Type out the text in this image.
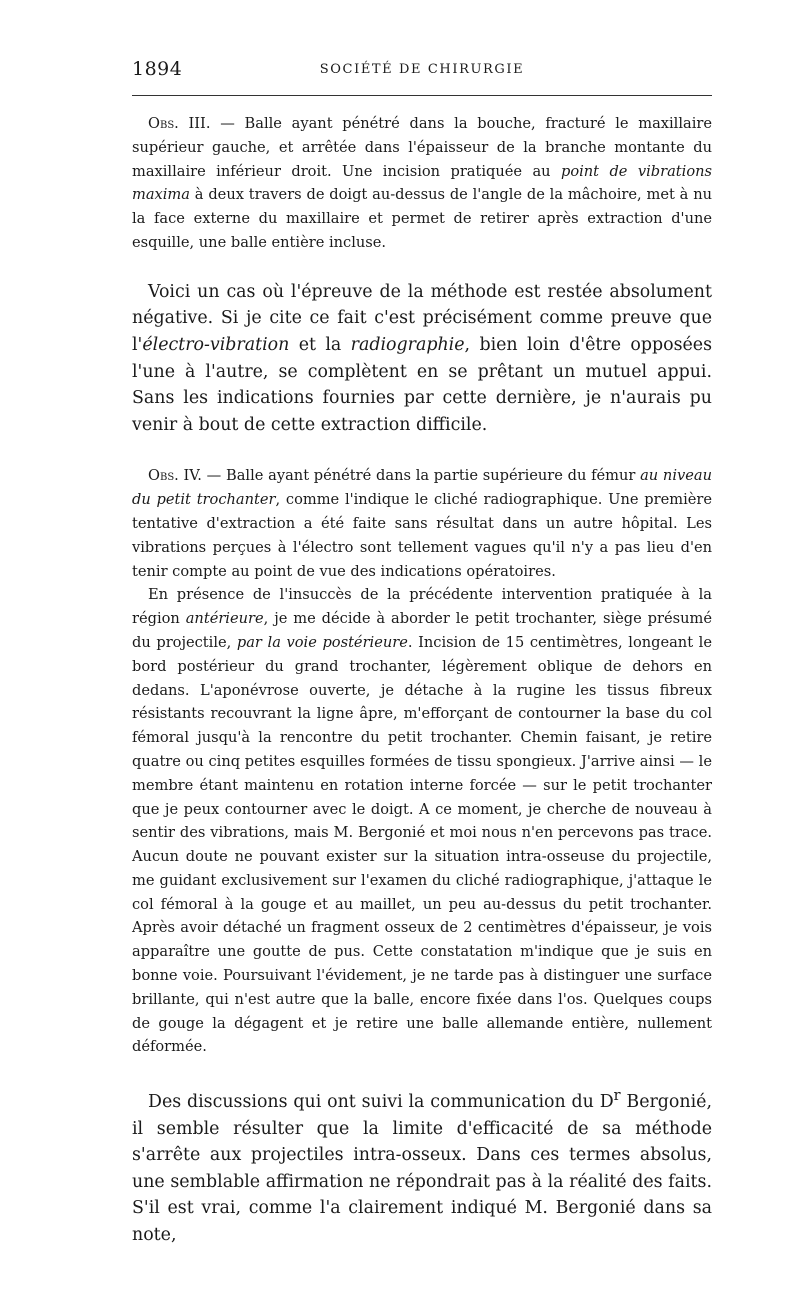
1894	SOCIÉTÉ DE CHIRURGIE

Obs. III. — Balle ayant pénétré dans la bouche, fracturé le maxillaire supérieur gauche, et arrêtée dans l'épaisseur de la branche montante du maxillaire inférieur droit. Une incision pratiquée au point de vibrations maxima à deux travers de doigt au-dessus de l'angle de la mâchoire, met à nu la face externe du maxillaire et permet de retirer après extraction d'une esquille, une balle entière incluse.

Voici un cas où l'épreuve de la méthode est restée absolument négative. Si je cite ce fait c'est précisément comme preuve que l'électro-vibration et la radiographie, bien loin d'être opposées l'une à l'autre, se complètent en se prêtant un mutuel appui. Sans les indications fournies par cette dernière, je n'aurais pu venir à bout de cette extraction difficile.

Obs. IV. — Balle ayant pénétré dans la partie supérieure du fémur au niveau du petit trochanter, comme l'indique le cliché radiographique. Une première tentative d'extraction a été faite sans résultat dans un autre hôpital. Les vibrations perçues à l'électro sont tellement vagues qu'il n'y a pas lieu d'en tenir compte au point de vue des indications opératoires.

En présence de l'insuccès de la précédente intervention pratiquée à la région antérieure, je me décide à aborder le petit trochanter, siège présumé du projectile, par la voie postérieure. Incision de 15 centimètres, longeant le bord postérieur du grand trochanter, légèrement oblique de dehors en dedans. L'aponévrose ouverte, je détache à la rugine les tissus fibreux résistants recouvrant la ligne âpre, m'efforçant de contourner la base du col fémoral jusqu'à la rencontre du petit trochanter. Chemin faisant, je retire quatre ou cinq petites esquilles formées de tissu spongieux. J'arrive ainsi — le membre étant maintenu en rotation interne forcée — sur le petit trochanter que je peux contourner avec le doigt. A ce moment, je cherche de nouveau à sentir des vibrations, mais M. Bergonié et moi nous n'en percevons pas trace. Aucun doute ne pouvant exister sur la situation intra-osseuse du projectile, me guidant exclusivement sur l'examen du cliché radiographique, j'attaque le col fémoral à la gouge et au maillet, un peu au-dessus du petit trochanter. Après avoir détaché un fragment osseux de 2 centimètres d'épaisseur, je vois apparaître une goutte de pus. Cette constatation m'indique que je suis en bonne voie. Poursuivant l'évidement, je ne tarde pas à distinguer une surface brillante, qui n'est autre que la balle, encore fixée dans l'os. Quelques coups de gouge la dégagent et je retire une balle allemande entière, nullement déformée.

Des discussions qui ont suivi la communication du $D^r$ Bergonié, il semble résulter que la limite d'efficacité de sa méthode s'arrête aux projectiles intra-osseux. Dans ces termes absolus, une semblable affirmation ne répondrait pas à la réalité des faits. S'il est vrai, comme l'a clairement indiqué M. Bergonié dans sa note,
